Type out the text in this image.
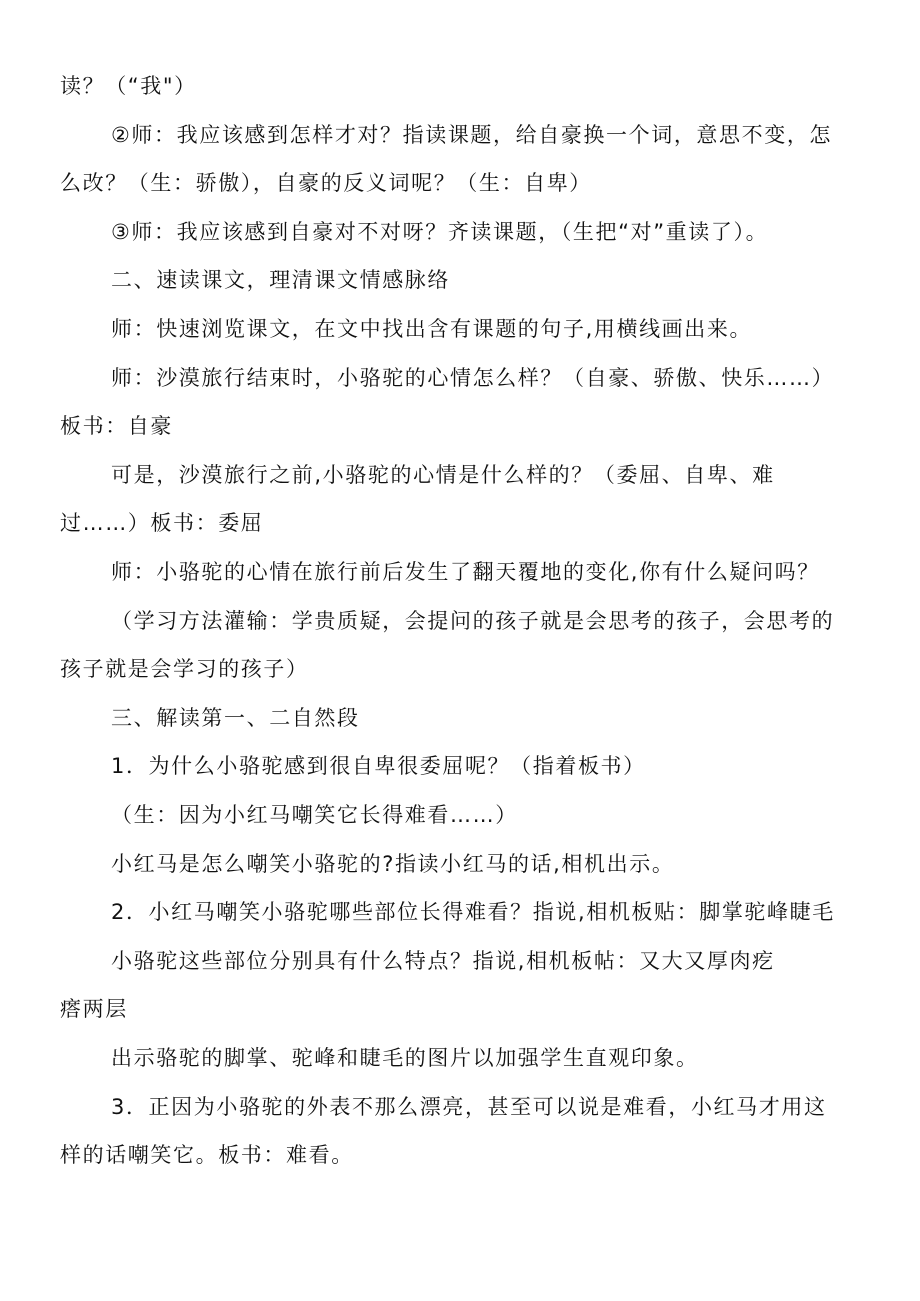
读？（“我"）
②师：我应该感到怎样才对？指读课题，给自豪换一个词，意思不变，怎
么改？（生：骄傲），自豪的反义词呢？（生：自卑）
③师：我应该感到自豪对不对呀？齐读课题，（生把“对”重读了）。
二、速读课文，理清课文情感脉络
师：快速浏览课文，在文中找出含有课题的句子,用横线画出来。
师：沙漠旅行结束时，小骆驼的心情怎么样？（自豪、骄傲、快乐……）
板书：自豪
可是，沙漠旅行之前,小骆驼的心情是什么样的？（委屈、自卑、难
过……）板书：委屈
师：小骆驼的心情在旅行前后发生了翻天覆地的变化,你有什么疑问吗？
（学习方法灌输：学贵质疑，会提问的孩子就是会思考的孩子，会思考的
孩子就是会学习的孩子）
三、解读第一、二自然段
1．为什么小骆驼感到很自卑很委屈呢？（指着板书）
（生：因为小红马嘲笑它长得难看……）
小红马是怎么嘲笑小骆驼的?指读小红马的话,相机出示。
2．小红马嘲笑小骆驼哪些部位长得难看？指说,相机板贴：脚掌驼峰睫毛
小骆驼这些部位分别具有什么特点？指说,相机板帖：又大又厚肉疙
瘩两层
出示骆驼的脚掌、驼峰和睫毛的图片以加强学生直观印象。
3．正因为小骆驼的外表不那么漂亮，甚至可以说是难看，小红马才用这
样的话嘲笑它。板书：难看。
